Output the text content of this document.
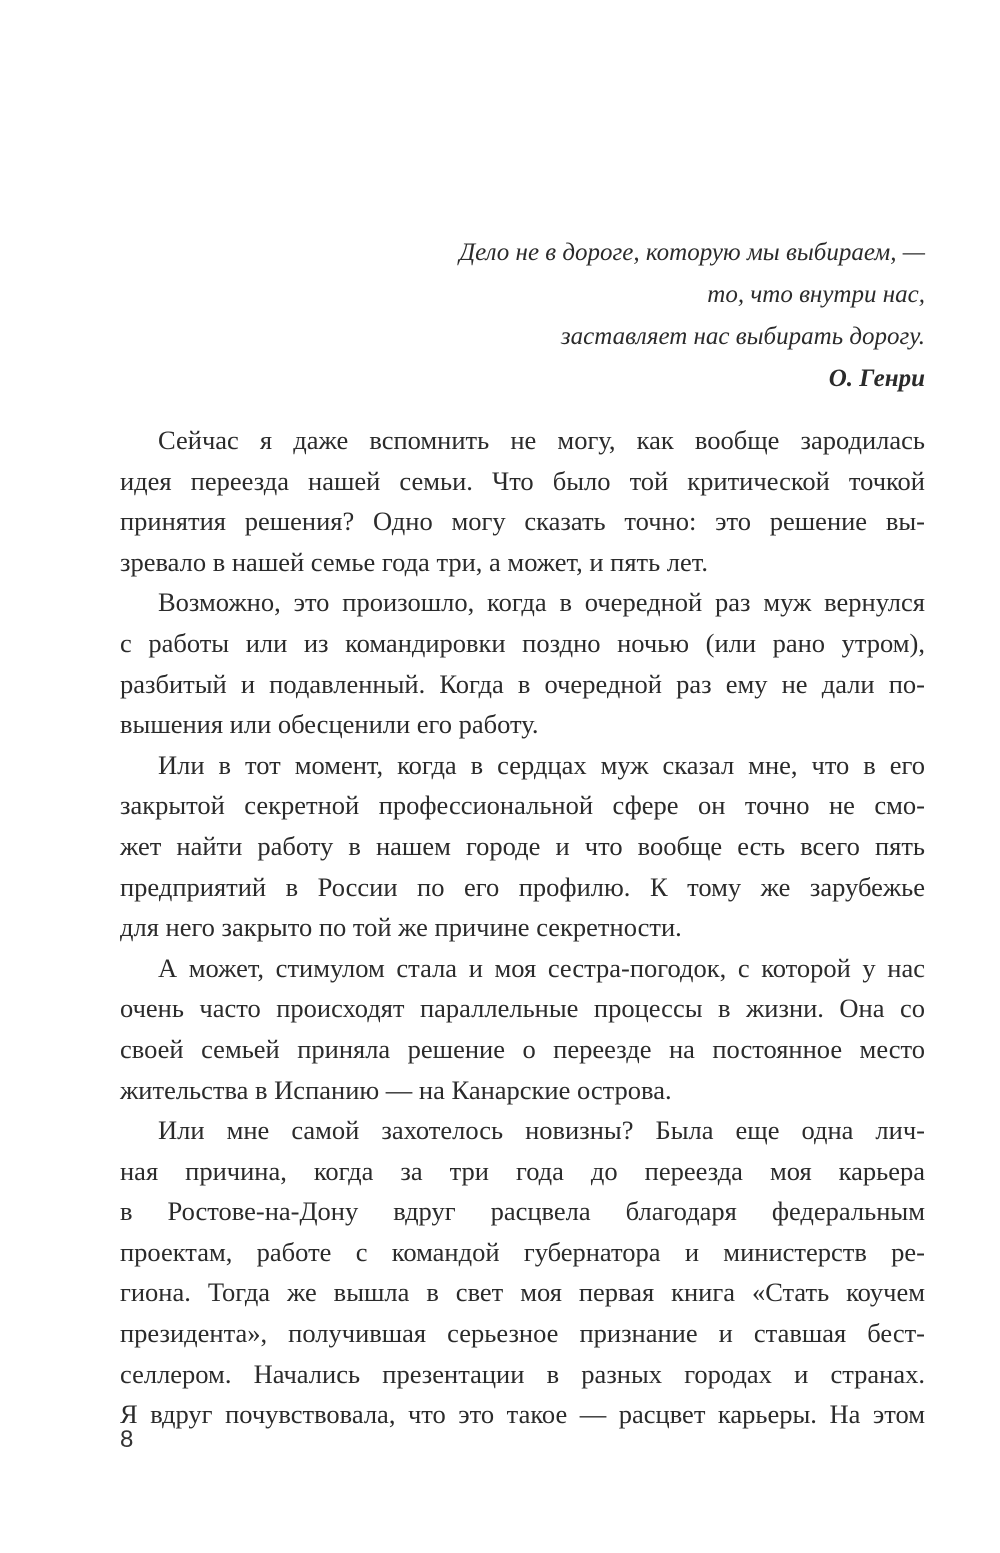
Дело не в дороге, которую мы выбираем, —
то, что внутри нас,
заставляет нас выбирать дорогу.
О. Генри

Сейчас я даже вспомнить не могу, как вообще зародилась
идея переезда нашей семьи. Что было той критической точкой
принятия решения? Одно могу сказать точно: это решение вы-
зревало в нашей семье года три, а может, и пять лет.

Возможно, это произошло, когда в очередной раз муж вернулся
с работы или из командировки поздно ночью (или рано утром),
разбитый и подавленный. Когда в очередной раз ему не дали по-
вышения или обесценили его работу.

Или в тот момент, когда в сердцах муж сказал мне, что в его
закрытой секретной профессиональной сфере он точно не смо-
жет найти работу в нашем городе и что вообще есть всего пять
предприятий в России по его профилю. К тому же зарубежье
для него закрыто по той же причине секретности.

А может, стимулом стала и моя сестра-погодок, с которой у нас
очень часто происходят параллельные процессы в жизни. Она со
своей семьей приняла решение о переезде на постоянное место
жительства в Испанию — на Канарские острова.

Или мне самой захотелось новизны? Была еще одна лич-
ная причина, когда за три года до переезда моя карьера
в Ростове-на-Дону вдруг расцвела благодаря федеральным
проектам, работе с командой губернатора и министерств ре-
гиона. Тогда же вышла в свет моя первая книга «Стать коучем
президента», получившая серьезное признание и ставшая бест-
селлером. Начались презентации в разных городах и странах.
Я вдруг почувствовала, что это такое — расцвет карьеры. На этом

8
